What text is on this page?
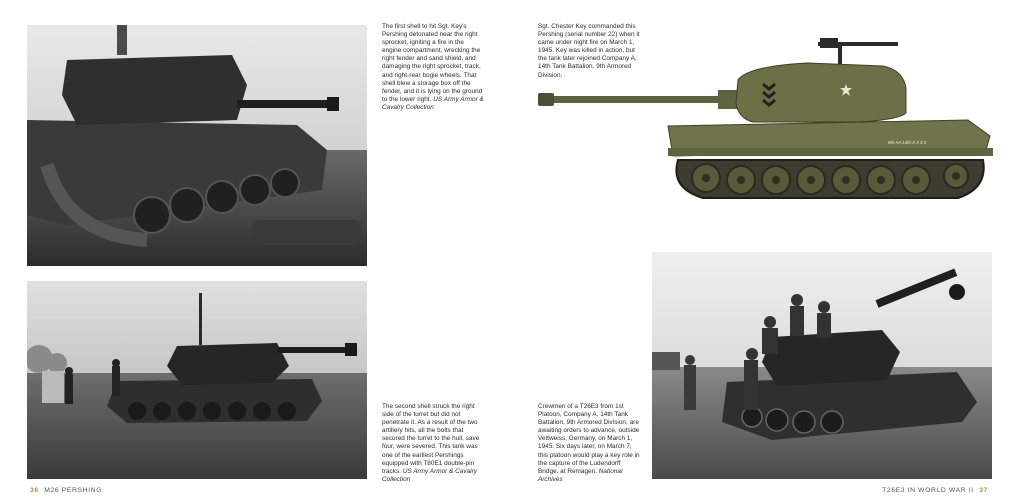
The first shell to hit Sgt. Key's Pershing detonated near the right sprocket, igniting a fire in the engine compartment, wrecking the right fender and sand shield, and damaging the right sprocket, track, and right-rear bogie wheels. That shell blew a storage box off the fender, and it is lying on the ground to the lower right. US Army Armor & Cavalry Collection

The second shell struck the right side of the turret but did not penetrate it. As a result of the two artillery hits, all the bolts that secured the turret to the hull, save four, were severed. This tank was one of the earliest Pershings equipped with T80E1 double-pin tracks. US Army Armor & Cavalry Collection

Sgt. Chester Key commanded this Pershing (serial number 22) when it came under night fire on March 1, 1945. Key was killed in action, but the tank later rejoined Company A, 14th Tank Battalion, 9th Armored Division.

9th-AA 14th-A 3 3 3

Crewmen of a T26E3 from 1st Platoon, Company A, 14th Tank Battalion, 9th Armored Division, are awaiting orders to advance, outside Vettweiss, Germany, on March 1, 1945. Six days later, on March 7, this platoon would play a key role in the capture of the Ludendorff Bridge, at Remagen. National Archives

36 M26 PERSHING	T26E3 IN WORLD WAR II 37
